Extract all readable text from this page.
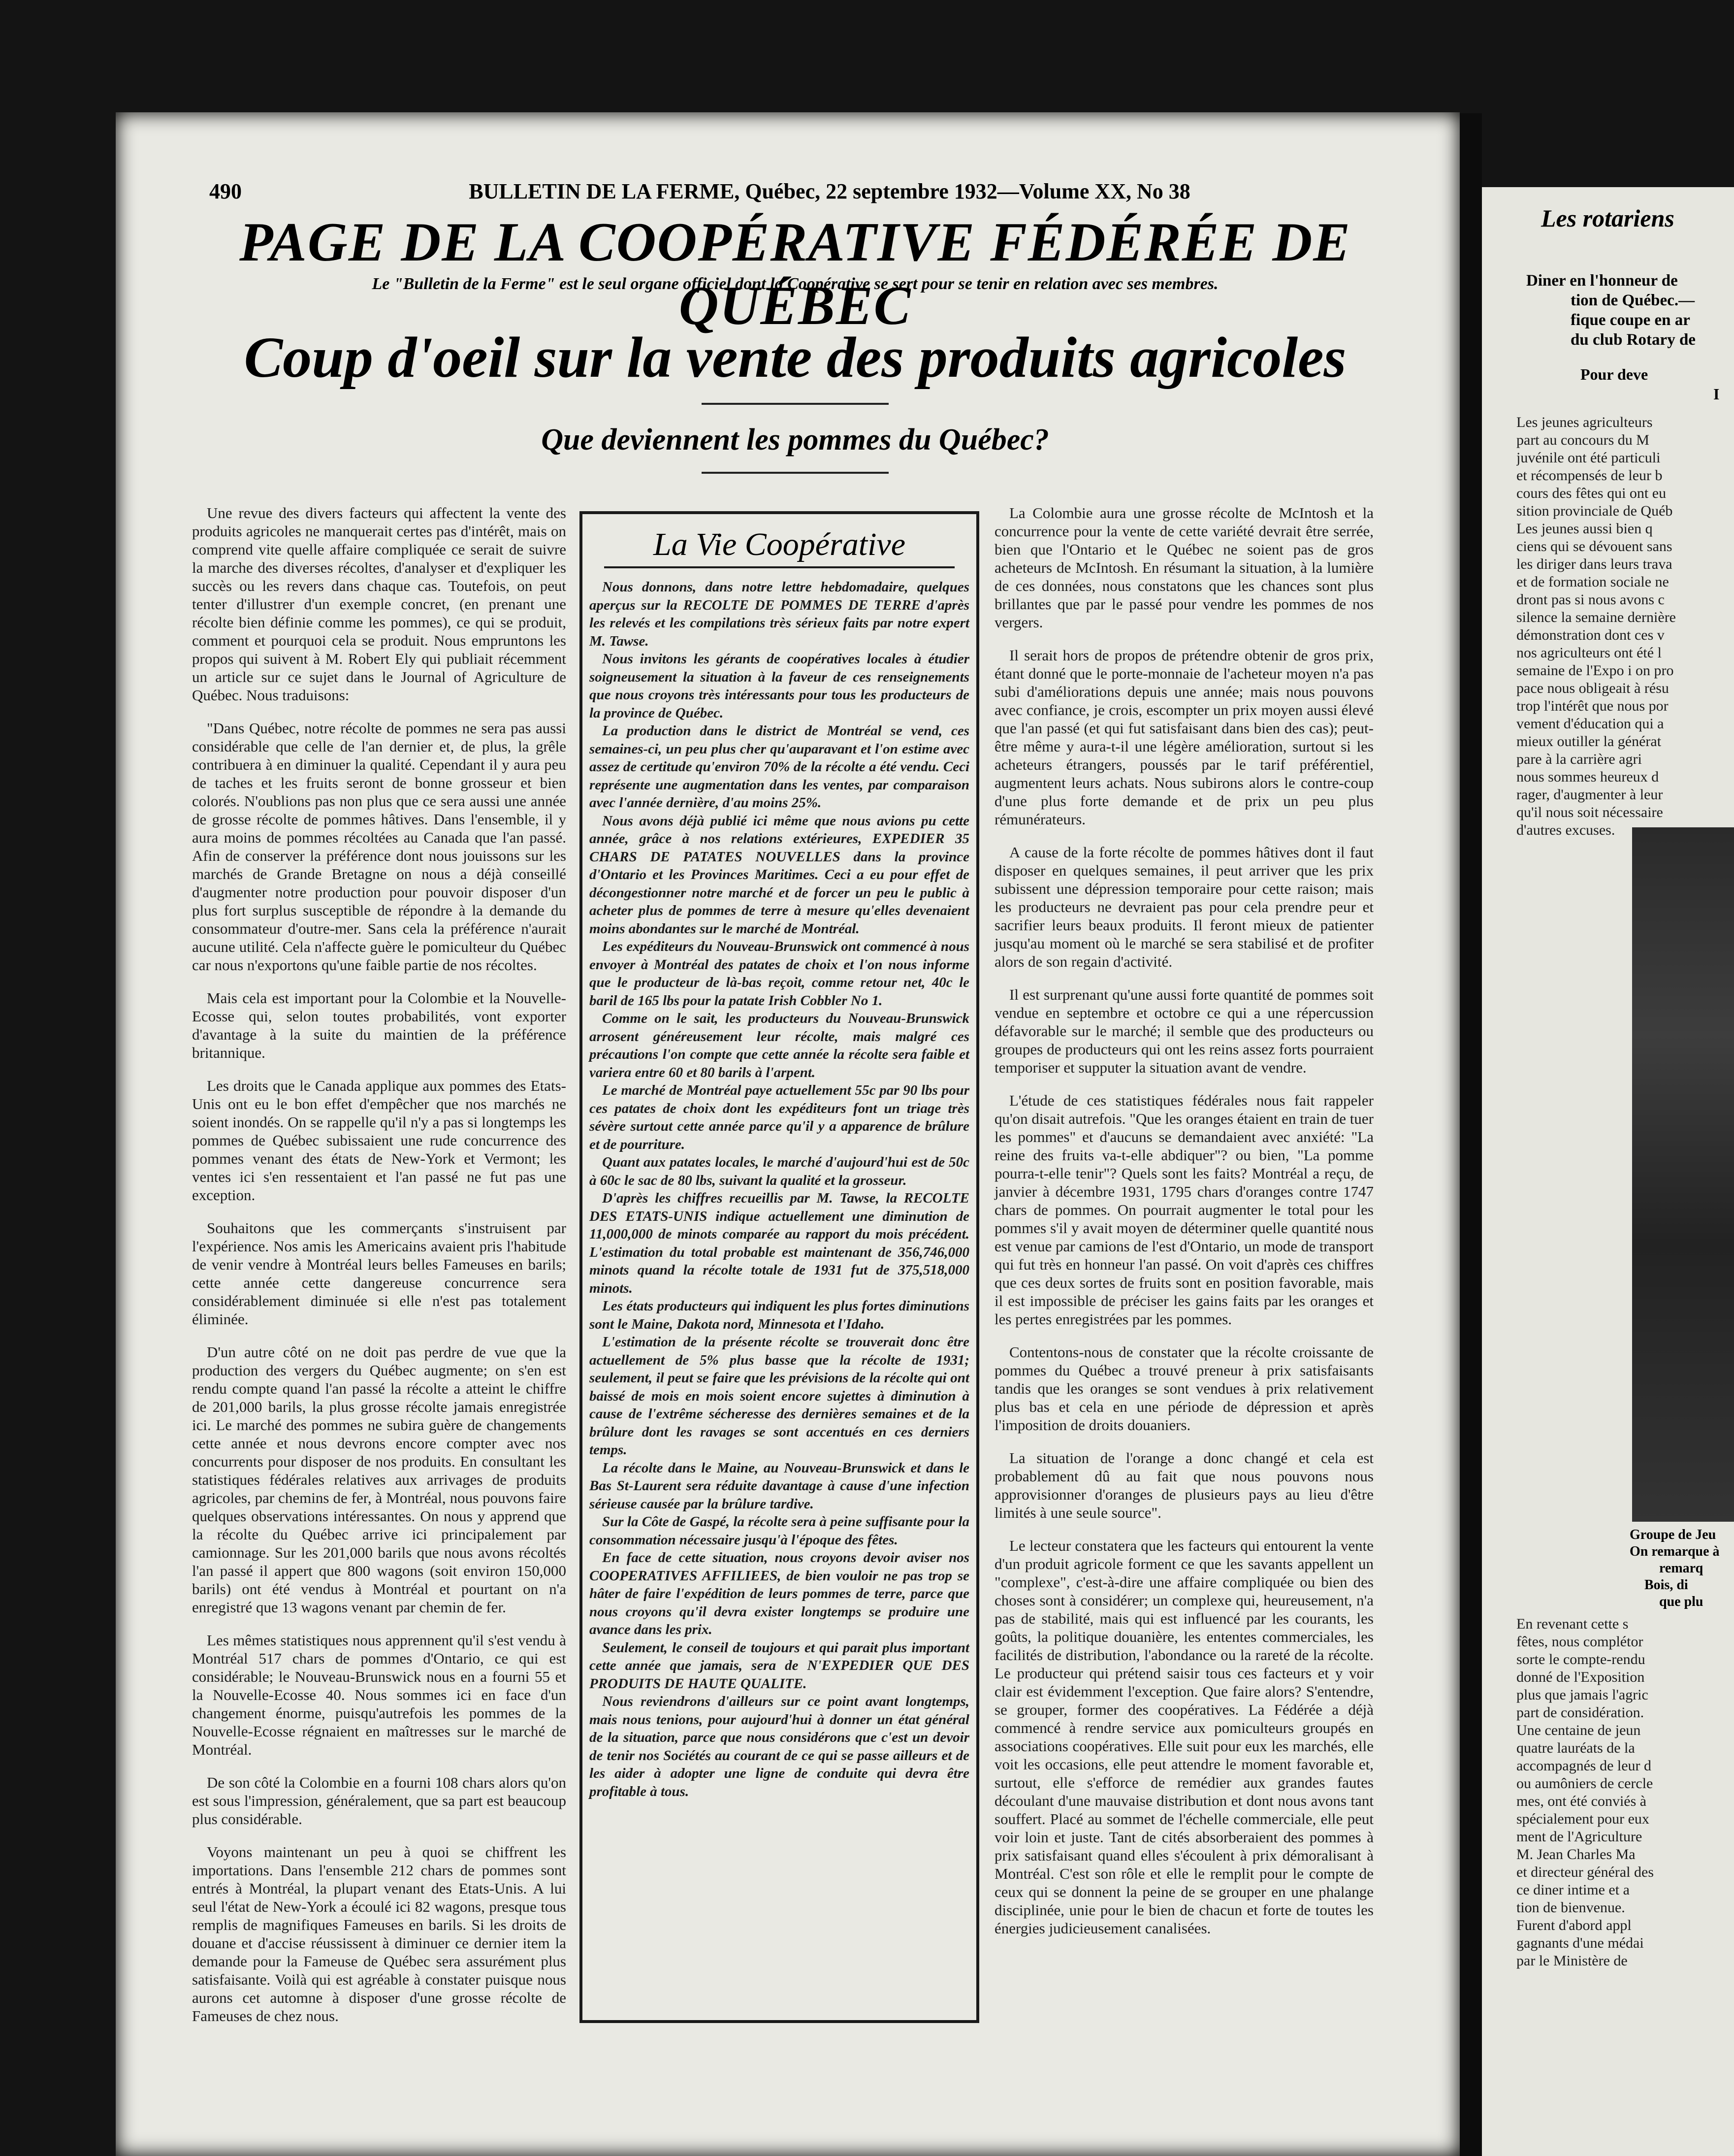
490	BULLETIN DE LA FERME, Québec, 22 septembre 1932—Volume XX, No 38
PAGE DE LA COOPÉRATIVE FÉDÉRÉE DE QUÉBEC
Le "Bulletin de la Ferme" est le seul organe officiel dont la Coopérative se sert pour se tenir en relation avec ses membres.
Coup d'oeil sur la vente des produits agricoles
Que deviennent les pommes du Québec?

Une revue des divers facteurs qui affectent la vente des produits agricoles ne manquerait certes pas d'intérêt, mais on comprend vite quelle affaire compliquée ce serait de suivre la marche des diverses récoltes, d'analyser et d'expliquer les succès ou les revers dans chaque cas. Toutefois, on peut tenter d'illustrer d'un exemple concret, (en prenant une récolte bien définie comme les pommes), ce qui se produit, comment et pourquoi cela se produit. Nous empruntons les propos qui suivent à M. Robert Ely qui publiait récemment un article sur ce sujet dans le Journal of Agriculture de Québec. Nous traduisons:

"Dans Québec, notre récolte de pommes ne sera pas aussi considérable que celle de l'an dernier et, de plus, la grêle contribuera à en diminuer la qualité. Cependant il y aura peu de taches et les fruits seront de bonne grosseur et bien colorés. N'oublions pas non plus que ce sera aussi une année de grosse récolte de pommes hâtives. Dans l'ensemble, il y aura moins de pommes récoltées au Canada que l'an passé. Afin de conserver la préférence dont nous jouissons sur les marchés de Grande Bretagne on nous a déjà conseillé d'augmenter notre production pour pouvoir disposer d'un plus fort surplus susceptible de répondre à la demande du consommateur d'outre-mer. Sans cela la préférence n'aurait aucune utilité. Cela n'affecte guère le pomiculteur du Québec car nous n'exportons qu'une faible partie de nos récoltes.

Mais cela est important pour la Colombie et la Nouvelle-Ecosse qui, selon toutes probabilités, vont exporter d'avantage à la suite du maintien de la préférence britannique.

Les droits que le Canada applique aux pommes des Etats-Unis ont eu le bon effet d'empêcher que nos marchés ne soient inondés. On se rappelle qu'il n'y a pas si longtemps les pommes de Québec subissaient une rude concurrence des pommes venant des états de New-York et Vermont; les ventes ici s'en ressentaient et l'an passé ne fut pas une exception.

Souhaitons que les commerçants s'instruisent par l'expérience. Nos amis les Americains avaient pris l'habitude de venir vendre à Montréal leurs belles Fameuses en barils; cette année cette dangereuse concurrence sera considérablement diminuée si elle n'est pas totalement éliminée.

D'un autre côté on ne doit pas perdre de vue que la production des vergers du Québec augmente; on s'en est rendu compte quand l'an passé la récolte a atteint le chiffre de 201,000 barils, la plus grosse récolte jamais enregistrée ici. Le marché des pommes ne subira guère de changements cette année et nous devrons encore compter avec nos concurrents pour disposer de nos produits. En consultant les statistiques fédérales relatives aux arrivages de produits agricoles, par chemins de fer, à Montréal, nous pouvons faire quelques observations intéressantes. On nous y apprend que la récolte du Québec arrive ici principalement par camionnage. Sur les 201,000 barils que nous avons récoltés l'an passé il appert que 800 wagons (soit environ 150,000 barils) ont été vendus à Montréal et pourtant on n'a enregistré que 13 wagons venant par chemin de fer.

Les mêmes statistiques nous apprennent qu'il s'est vendu à Montréal 517 chars de pommes d'Ontario, ce qui est considérable; le Nouveau-Brunswick nous en a fourni 55 et la Nouvelle-Ecosse 40. Nous sommes ici en face d'un changement énorme, puisqu'autrefois les pommes de la Nouvelle-Ecosse régnaient en maîtresses sur le marché de Montréal.

De son côté la Colombie en a fourni 108 chars alors qu'on est sous l'impression, généralement, que sa part est beaucoup plus considérable.

Voyons maintenant un peu à quoi se chiffrent les importations. Dans l'ensemble 212 chars de pommes sont entrés à Montréal, la plupart venant des Etats-Unis. A lui seul l'état de New-York a écoulé ici 82 wagons, presque tous remplis de magnifiques Fameuses en barils. Si les droits de douane et d'accise réussissent à diminuer ce dernier item la demande pour la Fameuse de Québec sera assurément plus satisfaisante. Voilà qui est agréable à constater puisque nous aurons cet automne à disposer d'une grosse récolte de Fameuses de chez nous.

La Vie Coopérative

Nous donnons, dans notre lettre hebdomadaire, quelques aperçus sur la RECOLTE DE POMMES DE TERRE d'après les relevés et les compilations très sérieux faits par notre expert M. Tawse.

Nous invitons les gérants de coopératives locales à étudier soigneusement la situation à la faveur de ces renseignements que nous croyons très intéressants pour tous les producteurs de la province de Québec.

La production dans le district de Montréal se vend, ces semaines-ci, un peu plus cher qu'auparavant et l'on estime avec assez de certitude qu'environ 70% de la récolte a été vendu. Ceci représente une augmentation dans les ventes, par comparaison avec l'année dernière, d'au moins 25%.

Nous avons déjà publié ici même que nous avions pu cette année, grâce à nos relations extérieures, EXPEDIER 35 CHARS DE PATATES NOUVELLES dans la province d'Ontario et les Provinces Maritimes. Ceci a eu pour effet de décongestionner notre marché et de forcer un peu le public à acheter plus de pommes de terre à mesure qu'elles devenaient moins abondantes sur le marché de Montréal.

Les expéditeurs du Nouveau-Brunswick ont commencé à nous envoyer à Montréal des patates de choix et l'on nous informe que le producteur de là-bas reçoit, comme retour net, 40c le baril de 165 lbs pour la patate Irish Cobbler No 1.

Comme on le sait, les producteurs du Nouveau-Brunswick arrosent généreusement leur récolte, mais malgré ces précautions l'on compte que cette année la récolte sera faible et variera entre 60 et 80 barils à l'arpent.

Le marché de Montréal paye actuellement 55c par 90 lbs pour ces patates de choix dont les expéditeurs font un triage très sévère surtout cette année parce qu'il y a apparence de brûlure et de pourriture.

Quant aux patates locales, le marché d'aujourd'hui est de 50c à 60c le sac de 80 lbs, suivant la qualité et la grosseur.

D'après les chiffres recueillis par M. Tawse, la RECOLTE DES ETATS-UNIS indique actuellement une diminution de 11,000,000 de minots comparée au rapport du mois précédent. L'estimation du total probable est maintenant de 356,746,000 minots quand la récolte totale de 1931 fut de 375,518,000 minots.

Les états producteurs qui indiquent les plus fortes diminutions sont le Maine, Dakota nord, Minnesota et l'Idaho.

L'estimation de la présente récolte se trouverait donc être actuellement de 5% plus basse que la récolte de 1931; seulement, il peut se faire que les prévisions de la récolte qui ont baissé de mois en mois soient encore sujettes à diminution à cause de l'extrême sécheresse des dernières semaines et de la brûlure dont les ravages se sont accentués en ces derniers temps.

La récolte dans le Maine, au Nouveau-Brunswick et dans le Bas St-Laurent sera réduite davantage à cause d'une infection sérieuse causée par la brûlure tardive.

Sur la Côte de Gaspé, la récolte sera à peine suffisante pour la consommation nécessaire jusqu'à l'époque des fêtes.

En face de cette situation, nous croyons devoir aviser nos COOPERATIVES AFFILIEES, de bien vouloir ne pas trop se hâter de faire l'expédition de leurs pommes de terre, parce que nous croyons qu'il devra exister longtemps se produire une avance dans les prix.

Seulement, le conseil de toujours et qui parait plus important cette année que jamais, sera de N'EXPEDIER QUE DES PRODUITS DE HAUTE QUALITE.

Nous reviendrons d'ailleurs sur ce point avant longtemps, mais nous tenions, pour aujourd'hui à donner un état général de la situation, parce que nous considérons que c'est un devoir de tenir nos Sociétés au courant de ce qui se passe ailleurs et de les aider à adopter une ligne de conduite qui devra être profitable à tous.

La Colombie aura une grosse récolte de McIntosh et la concurrence pour la vente de cette variété devrait être serrée, bien que l'Ontario et le Québec ne soient pas de gros acheteurs de McIntosh. En résumant la situation, à la lumière de ces données, nous constatons que les chances sont plus brillantes que par le passé pour vendre les pommes de nos vergers.

Il serait hors de propos de prétendre obtenir de gros prix, étant donné que le porte-monnaie de l'acheteur moyen n'a pas subi d'améliorations depuis une année; mais nous pouvons avec confiance, je crois, escompter un prix moyen aussi élevé que l'an passé (et qui fut satisfaisant dans bien des cas); peut-être même y aura-t-il une légère amélioration, surtout si les acheteurs étrangers, poussés par le tarif préférentiel, augmentent leurs achats. Nous subirons alors le contre-coup d'une plus forte demande et de prix un peu plus rémunérateurs.

A cause de la forte récolte de pommes hâtives dont il faut disposer en quelques semaines, il peut arriver que les prix subissent une dépression temporaire pour cette raison; mais les producteurs ne devraient pas pour cela prendre peur et sacrifier leurs beaux produits. Il feront mieux de patienter jusqu'au moment où le marché se sera stabilisé et de profiter alors de son regain d'activité.

Il est surprenant qu'une aussi forte quantité de pommes soit vendue en septembre et octobre ce qui a une répercussion défavorable sur le marché; il semble que des producteurs ou groupes de producteurs qui ont les reins assez forts pourraient temporiser et supputer la situation avant de vendre.

L'étude de ces statistiques fédérales nous fait rappeler qu'on disait autrefois. "Que les oranges étaient en train de tuer les pommes" et d'aucuns se demandaient avec anxiété: "La reine des fruits va-t-elle abdiquer"? ou bien, "La pomme pourra-t-elle tenir"? Quels sont les faits? Montréal a reçu, de janvier à décembre 1931, 1795 chars d'oranges contre 1747 chars de pommes. On pourrait augmenter le total pour les pommes s'il y avait moyen de déterminer quelle quantité nous est venue par camions de l'est d'Ontario, un mode de transport qui fut très en honneur l'an passé. On voit d'après ces chiffres que ces deux sortes de fruits sont en position favorable, mais il est impossible de préciser les gains faits par les oranges et les pertes enregistrées par les pommes.

Contentons-nous de constater que la récolte croissante de pommes du Québec a trouvé preneur à prix satisfaisants tandis que les oranges se sont vendues à prix relativement plus bas et cela en une période de dépression et après l'imposition de droits douaniers.

La situation de l'orange a donc changé et cela est probablement dû au fait que nous pouvons nous approvisionner d'oranges de plusieurs pays au lieu d'être limités à une seule source".

Le lecteur constatera que les facteurs qui entourent la vente d'un produit agricole forment ce que les savants appellent un "complexe", c'est-à-dire une affaire compliquée ou bien des choses sont à considérer; un complexe qui, heureusement, n'a pas de stabilité, mais qui est influencé par les courants, les goûts, la politique douanière, les ententes commerciales, les facilités de distribution, l'abondance ou la rareté de la récolte. Le producteur qui prétend saisir tous ces facteurs et y voir clair est évidemment l'exception. Que faire alors? S'entendre, se grouper, former des coopératives. La Fédérée a déjà commencé à rendre service aux pomiculteurs groupés en associations coopératives. Elle suit pour eux les marchés, elle voit les occasions, elle peut attendre le moment favorable et, surtout, elle s'efforce de remédier aux grandes fautes découlant d'une mauvaise distribution et dont nous avons tant souffert. Placé au sommet de l'échelle commerciale, elle peut voir loin et juste. Tant de cités absorberaient des pommes à prix satisfaisant quand elles s'écoulent à prix démoralisant à Montréal. C'est son rôle et elle le remplit pour le compte de ceux qui se donnent la peine de se grouper en une phalange disciplinée, unie pour le bien de chacun et forte de toutes les énergies judicieusement canalisées.

Les rotariens
Diner en l'honneur de
tion de Québec.—
fique coupe en ar
du club Rotary de
Pour deve
I
Les jeunes agriculteurs
part au concours du M
juvénile ont été particuli
et récompensés de leur b
cours des fêtes qui ont eu
sition provinciale de Québ
Les jeunes aussi bien q
ciens qui se dévouent sans
les diriger dans leurs trava
et de formation sociale ne
dront pas si nous avons c
silence la semaine dernière
démonstration dont ces v
nos agriculteurs ont été l
semaine de l'Expo i on pro
pace nous obligeait à résu
trop l'intérêt que nous por
vement d'éducation qui a
mieux outiller la générat
pare à la carrière agri
nous sommes heureux d
rager, d'augmenter à leur
qu'il nous soit nécessaire
d'autres excuses.
Groupe de Jeu
On remarque à
remarq
Bois, di
que plu
En revenant cette s
fêtes, nous complétor
sorte le compte-rendu
donné de l'Exposition
plus que jamais l'agric
part de considération.
Une centaine de jeun
quatre lauréats de la
accompagnés de leur d
ou aumôniers de cercle
mes, ont été conviés à
spécialement pour eux
ment de l'Agriculture
M. Jean Charles Ma
et directeur général des
ce diner intime et a
tion de bienvenue.
Furent d'abord appl
gagnants d'une médai
par le Ministère de
